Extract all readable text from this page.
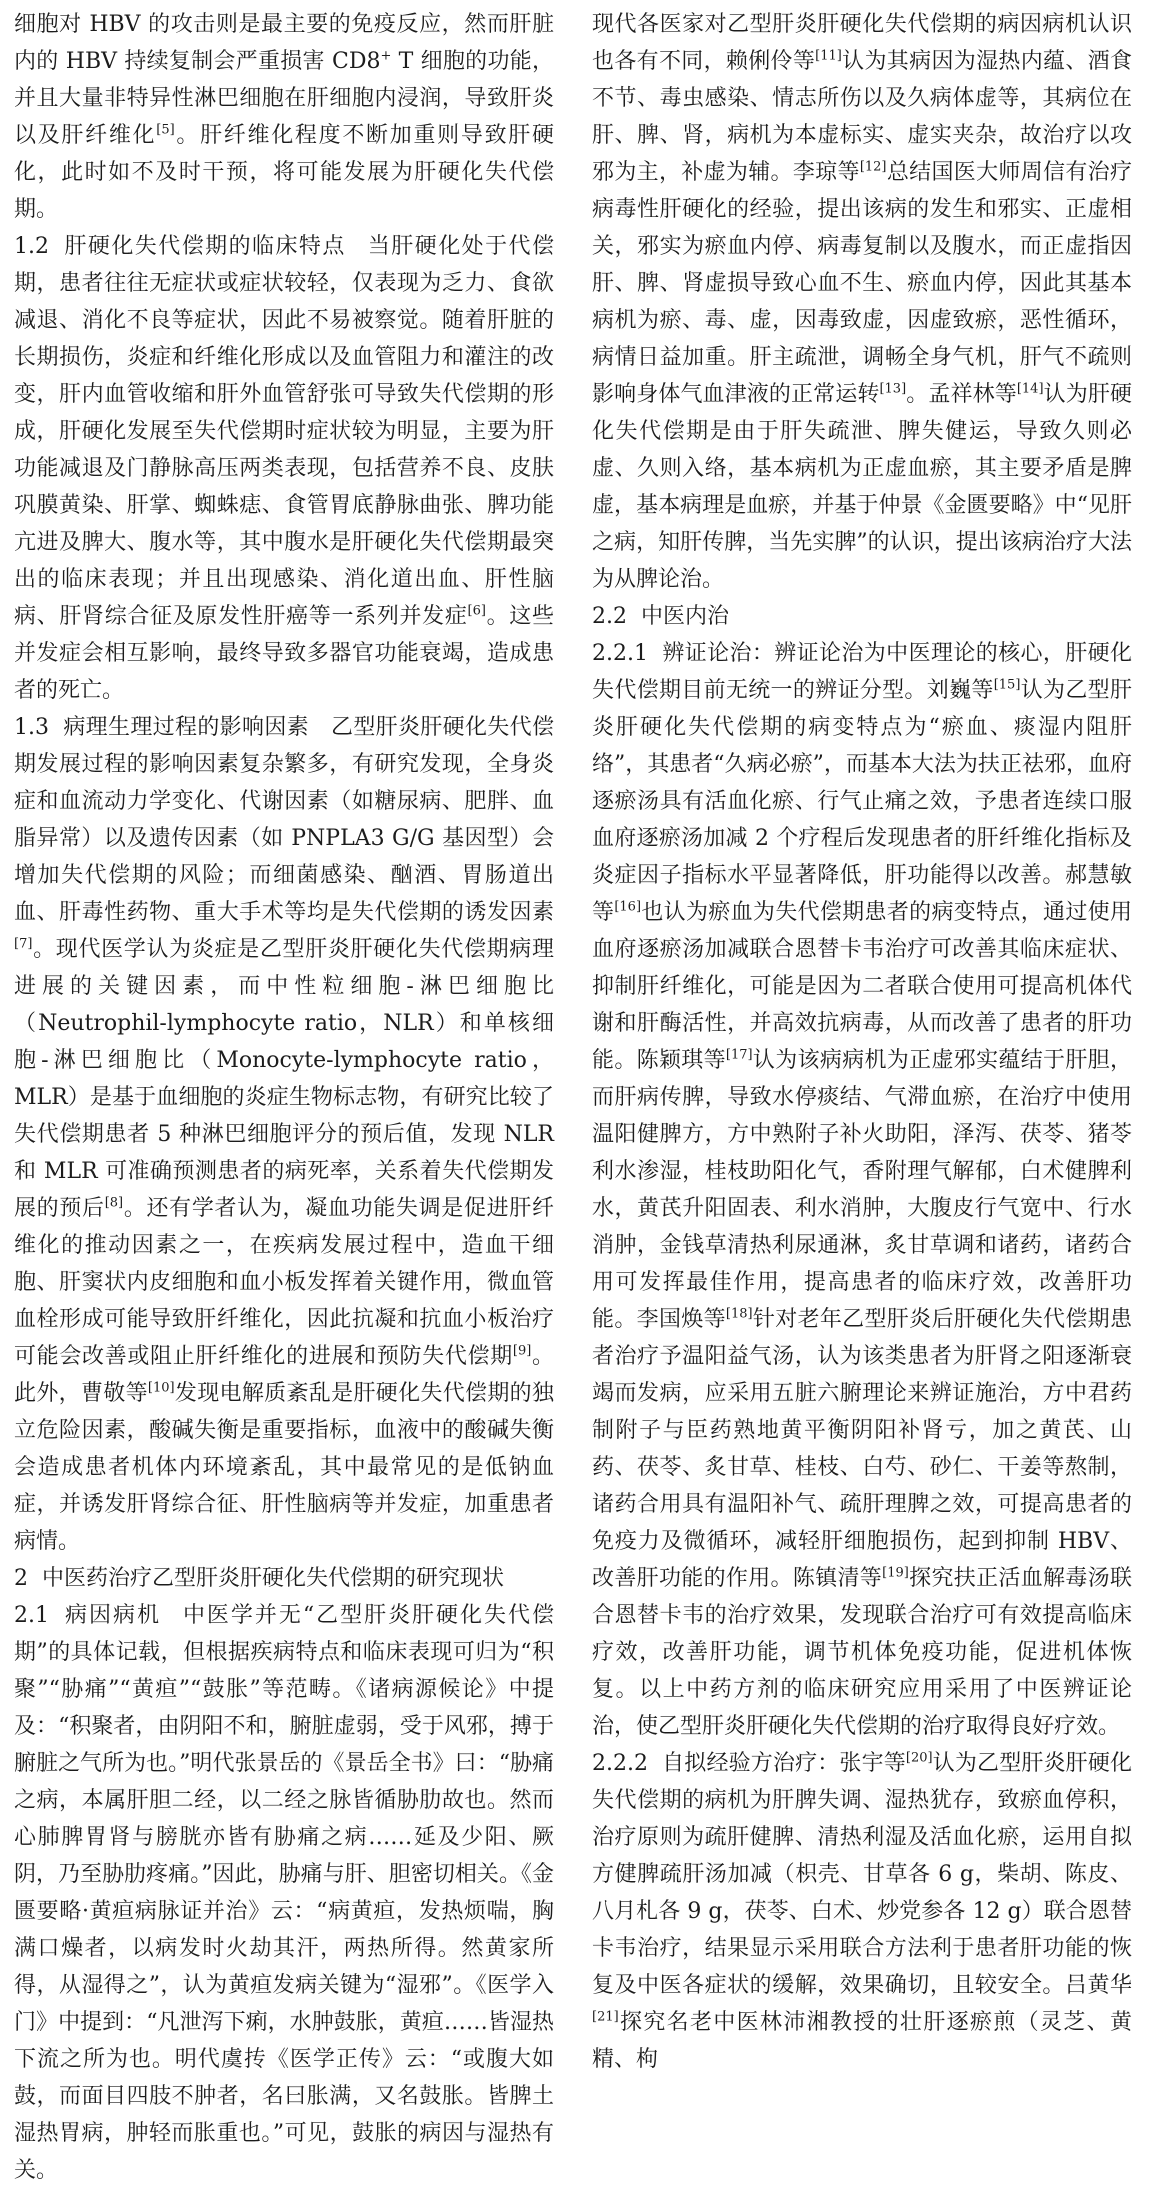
细胞对 HBV 的攻击则是最主要的免疫反应，然而肝脏内的 HBV 持续复制会严重损害 CD8+ T 细胞的功能，并且大量非特异性淋巴细胞在肝细胞内浸润，导致肝炎以及肝纤维化[5]。肝纤维化程度不断加重则导致肝硬化，此时如不及时干预，将可能发展为肝硬化失代偿期。

1.2 肝硬化失代偿期的临床特点 当肝硬化处于代偿期，患者往往无症状或症状较轻，仅表现为乏力、食欲减退、消化不良等症状，因此不易被察觉。随着肝脏的长期损伤，炎症和纤维化形成以及血管阻力和灌注的改变，肝内血管收缩和肝外血管舒张可导致失代偿期的形成，肝硬化发展至失代偿期时症状较为明显，主要为肝功能减退及门静脉高压两类表现，包括营养不良、皮肤巩膜黄染、肝掌、蜘蛛痣、食管胃底静脉曲张、脾功能亢进及脾大、腹水等，其中腹水是肝硬化失代偿期最突出的临床表现；并且出现感染、消化道出血、肝性脑病、肝肾综合征及原发性肝癌等一系列并发症[6]。这些并发症会相互影响，最终导致多器官功能衰竭，造成患者的死亡。

1.3 病理生理过程的影响因素 乙型肝炎肝硬化失代偿期发展过程的影响因素复杂繁多，有研究发现，全身炎症和血流动力学变化、代谢因素（如糖尿病、肥胖、血脂异常）以及遗传因素（如 PNPLA3 G/G 基因型）会增加失代偿期的风险；而细菌感染、酗酒、胃肠道出血、肝毒性药物、重大手术等均是失代偿期的诱发因素[7]。现代医学认为炎症是乙型肝炎肝硬化失代偿期病理进展的关键因素，而中性粒细胞-淋巴细胞比（Neutrophil-lymphocyte ratio，NLR）和单核细胞-淋巴细胞比（Monocyte-lymphocyte ratio，MLR）是基于血细胞的炎症生物标志物，有研究比较了失代偿期患者 5 种淋巴细胞评分的预后值，发现 NLR 和 MLR 可准确预测患者的病死率，关系着失代偿期发展的预后[8]。还有学者认为，凝血功能失调是促进肝纤维化的推动因素之一，在疾病发展过程中，造血干细胞、肝窦状内皮细胞和血小板发挥着关键作用，微血管血栓形成可能导致肝纤维化，因此抗凝和抗血小板治疗可能会改善或阻止肝纤维化的进展和预防失代偿期[9]。此外，曹敬等[10]发现电解质紊乱是肝硬化失代偿期的独立危险因素，酸碱失衡是重要指标，血液中的酸碱失衡会造成患者机体内环境紊乱，其中最常见的是低钠血症，并诱发肝肾综合征、肝性脑病等并发症，加重患者病情。

2 中医药治疗乙型肝炎肝硬化失代偿期的研究现状

2.1 病因病机 中医学并无“乙型肝炎肝硬化失代偿期”的具体记载，但根据疾病特点和临床表现可归为“积聚”“胁痛”“黄疸”“鼓胀”等范畴。《诸病源候论》中提及：“积聚者，由阴阳不和，腑脏虚弱，受于风邪，搏于腑脏之气所为也。”明代张景岳的《景岳全书》曰：“胁痛之病，本属肝胆二经，以二经之脉皆循胁肋故也。然而心肺脾胃肾与膀胱亦皆有胁痛之病……延及少阳、厥阴，乃至胁肋疼痛。”因此，胁痛与肝、胆密切相关。《金匮要略·黄疸病脉证并治》云：“病黄疸，发热烦喘，胸满口燥者，以病发时火劫其汗，两热所得。然黄家所得，从湿得之”，认为黄疸发病关键为“湿邪”。《医学入门》中提到：“凡泄泻下痢，水肿鼓胀，黄疸……皆湿热下流之所为也。明代虞抟《医学正传》云：“或腹大如鼓，而面目四肢不肿者，名曰胀满，又名鼓胀。皆脾土湿热胃病，肿轻而胀重也。”可见，鼓胀的病因与湿热有关。

现代各医家对乙型肝炎肝硬化失代偿期的病因病机认识也各有不同，赖俐伶等[11]认为其病因为湿热内蕴、酒食不节、毒虫感染、情志所伤以及久病体虚等，其病位在肝、脾、肾，病机为本虚标实、虚实夹杂，故治疗以攻邪为主，补虚为辅。李琼等[12]总结国医大师周信有治疗病毒性肝硬化的经验，提出该病的发生和邪实、正虚相关，邪实为瘀血内停、病毒复制以及腹水，而正虚指因肝、脾、肾虚损导致心血不生、瘀血内停，因此其基本病机为瘀、毒、虚，因毒致虚，因虚致瘀，恶性循环，病情日益加重。肝主疏泄，调畅全身气机，肝气不疏则影响身体气血津液的正常运转[13]。孟祥林等[14]认为肝硬化失代偿期是由于肝失疏泄、脾失健运，导致久则必虚、久则入络，基本病机为正虚血瘀，其主要矛盾是脾虚，基本病理是血瘀，并基于仲景《金匮要略》中“见肝之病，知肝传脾，当先实脾”的认识，提出该病治疗大法为从脾论治。

2.2 中医内治

2.2.1 辨证论治：辨证论治为中医理论的核心，肝硬化失代偿期目前无统一的辨证分型。刘巍等[15]认为乙型肝炎肝硬化失代偿期的病变特点为“瘀血、痰湿内阻肝络”，其患者“久病必瘀”，而基本大法为扶正祛邪，血府逐瘀汤具有活血化瘀、行气止痛之效，予患者连续口服血府逐瘀汤加减 2 个疗程后发现患者的肝纤维化指标及炎症因子指标水平显著降低，肝功能得以改善。郝慧敏等[16]也认为瘀血为失代偿期患者的病变特点，通过使用血府逐瘀汤加减联合恩替卡韦治疗可改善其临床症状、抑制肝纤维化，可能是因为二者联合使用可提高机体代谢和肝酶活性，并高效抗病毒，从而改善了患者的肝功能。陈颖琪等[17]认为该病病机为正虚邪实蕴结于肝胆，而肝病传脾，导致水停痰结、气滞血瘀，在治疗中使用温阳健脾方，方中熟附子补火助阳，泽泻、茯苓、猪苓利水渗湿，桂枝助阳化气，香附理气解郁，白术健脾利水，黄芪升阳固表、利水消肿，大腹皮行气宽中、行水消肿，金钱草清热利尿通淋，炙甘草调和诸药，诸药合用可发挥最佳作用，提高患者的临床疗效，改善肝功能。李国焕等[18]针对老年乙型肝炎后肝硬化失代偿期患者治疗予温阳益气汤，认为该类患者为肝肾之阳逐渐衰竭而发病，应采用五脏六腑理论来辨证施治，方中君药制附子与臣药熟地黄平衡阴阳补肾亏，加之黄芪、山药、茯苓、炙甘草、桂枝、白芍、砂仁、干姜等熬制，诸药合用具有温阳补气、疏肝理脾之效，可提高患者的免疫力及微循环，减轻肝细胞损伤，起到抑制 HBV、改善肝功能的作用。陈镇清等[19]探究扶正活血解毒汤联合恩替卡韦的治疗效果，发现联合治疗可有效提高临床疗效，改善肝功能，调节机体免疫功能，促进机体恢复。以上中药方剂的临床研究应用采用了中医辨证论治，使乙型肝炎肝硬化失代偿期的治疗取得良好疗效。

2.2.2 自拟经验方治疗：张宇等[20]认为乙型肝炎肝硬化失代偿期的病机为肝脾失调、湿热犹存，致瘀血停积，治疗原则为疏肝健脾、清热利湿及活血化瘀，运用自拟方健脾疏肝汤加减（枳壳、甘草各 6 g，柴胡、陈皮、八月札各 9 g，茯苓、白术、炒党参各 12 g）联合恩替卡韦治疗，结果显示采用联合方法利于患者肝功能的恢复及中医各症状的缓解，效果确切，且较安全。吕黄华[21]探究名老中医林沛湘教授的壮肝逐瘀煎（灵芝、黄精、枸
